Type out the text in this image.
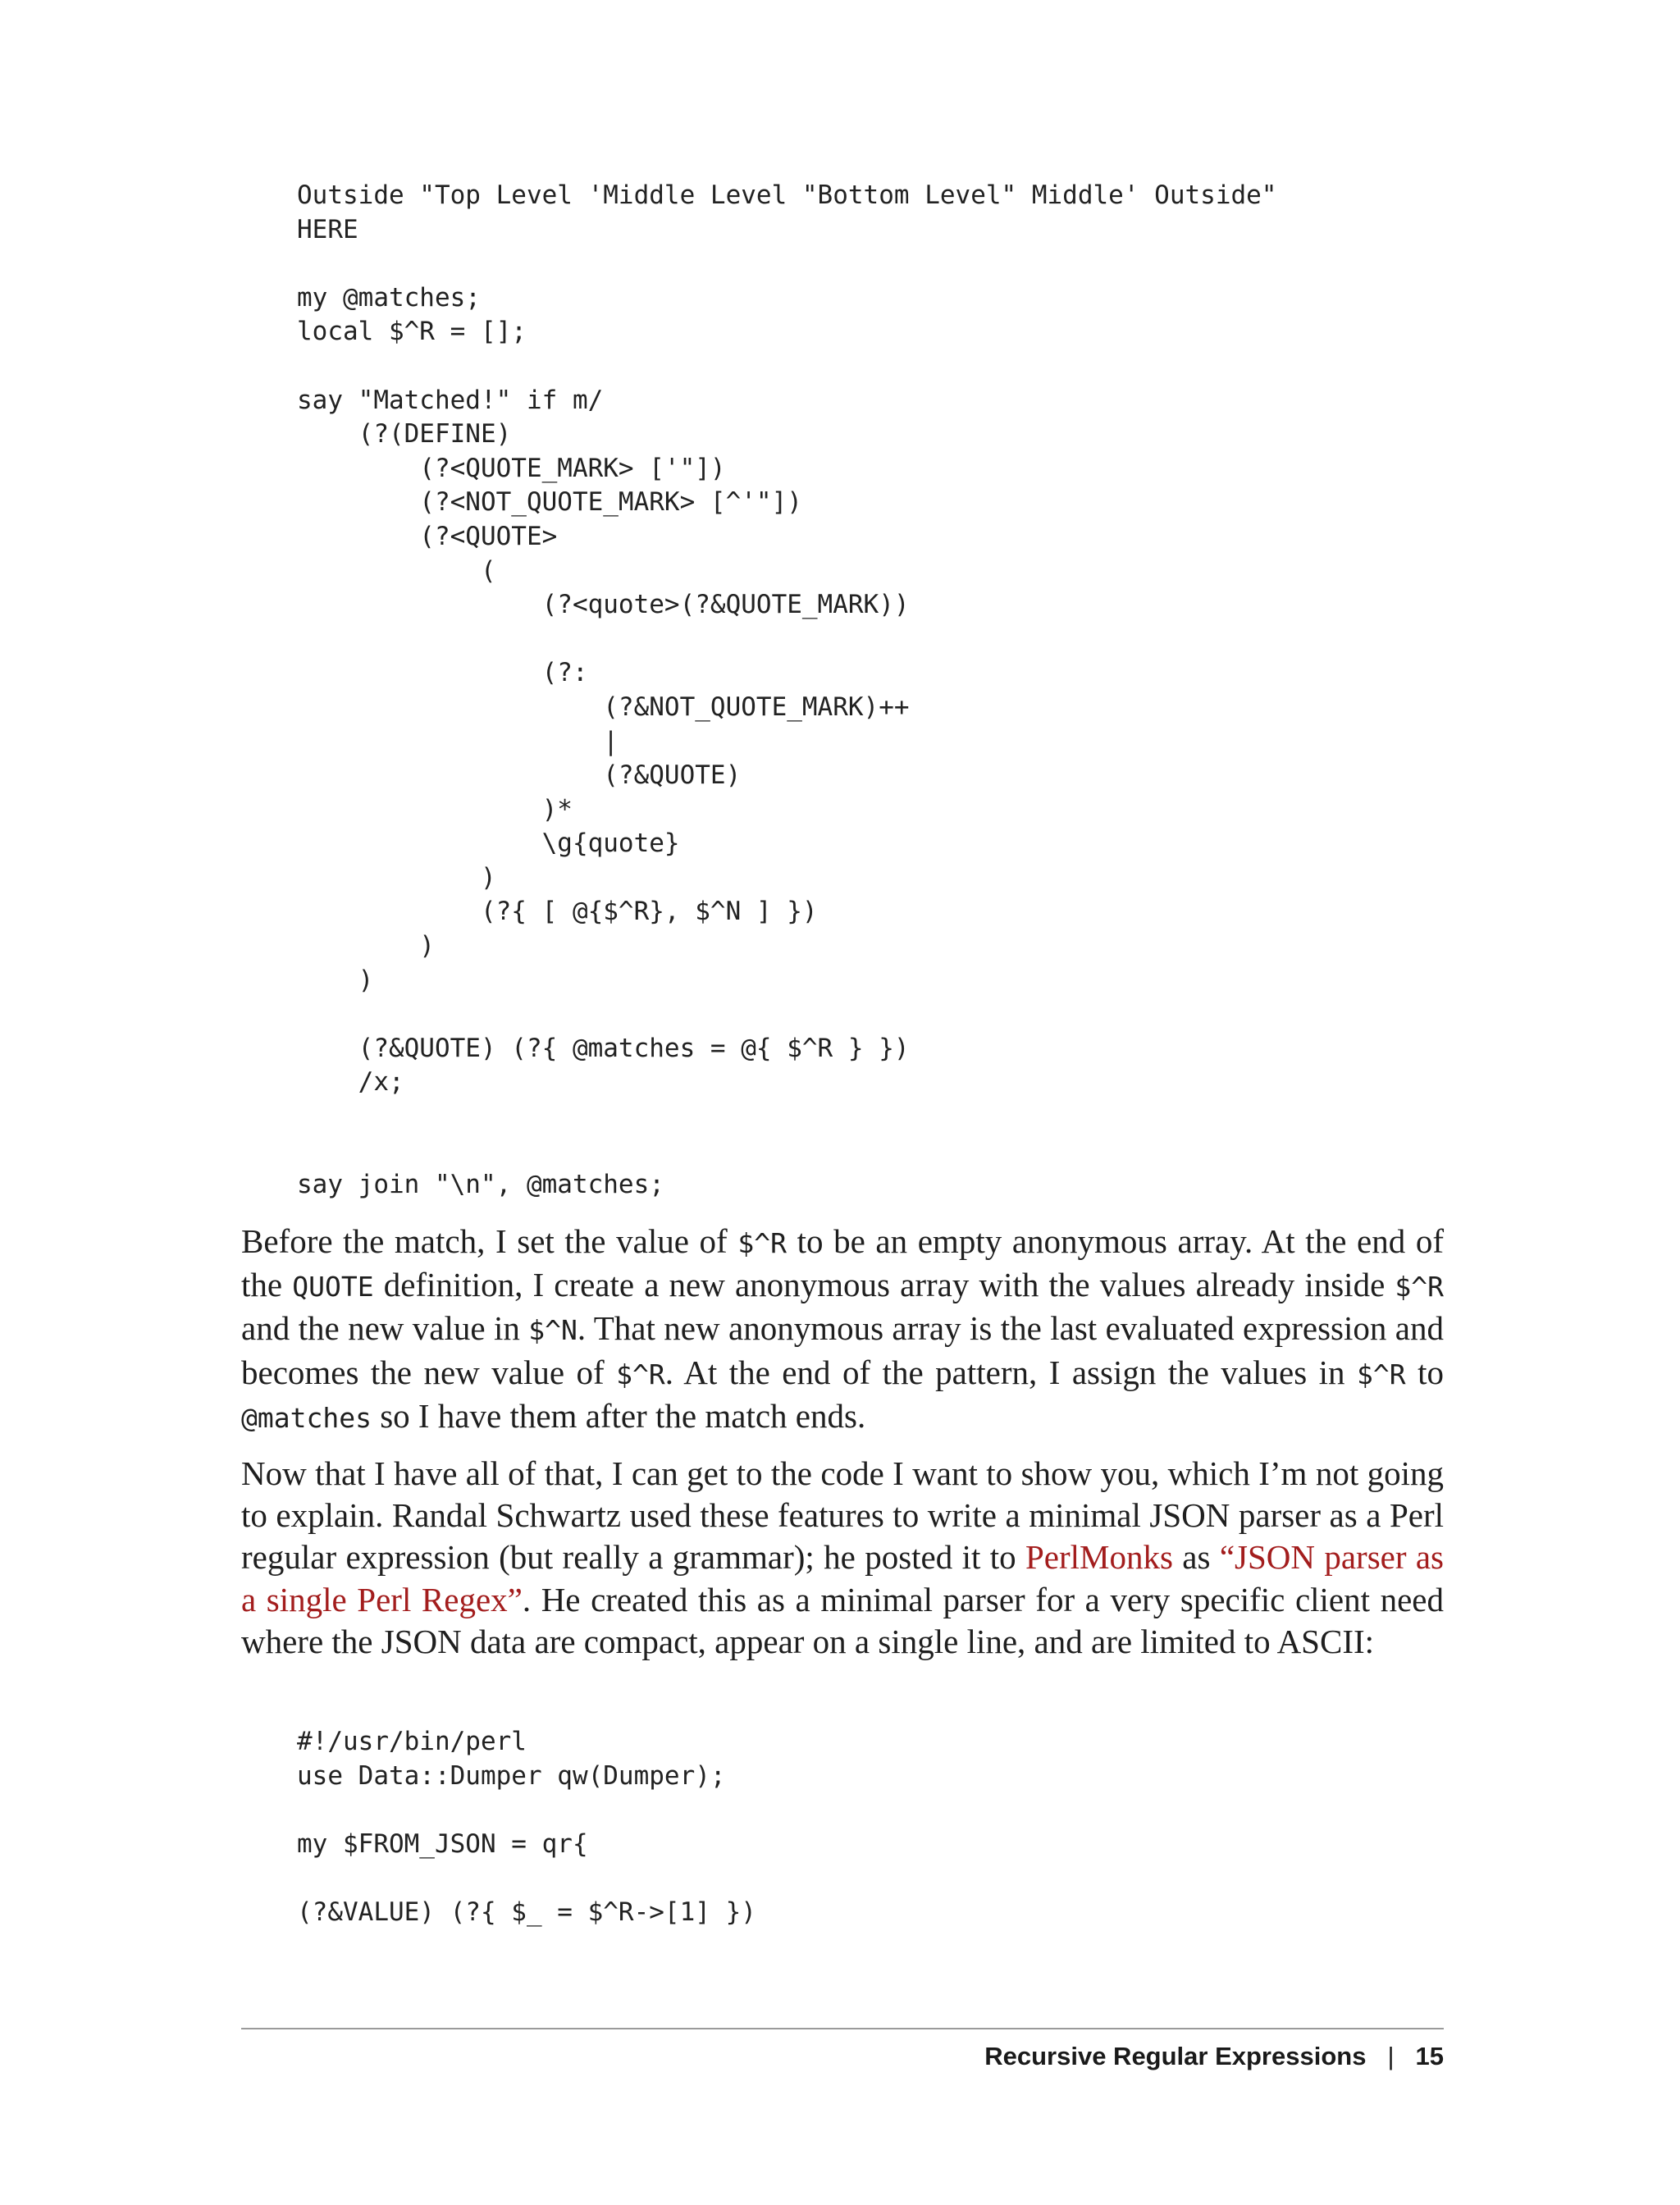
Outside "Top Level 'Middle Level "Bottom Level" Middle' Outside"
HERE

my @matches;
local $^R = [];

say "Matched!" if m/
(?(DEFINE)
(?<QUOTE_MARK> ['"])
(?<NOT_QUOTE_MARK> [^'"])
(?<QUOTE>
(
(?<quote>(?&QUOTE_MARK))

(?:
(?&NOT_QUOTE_MARK)++
|
(?&QUOTE)
)*
\g{quote}
)
(?{ [ @{$^R}, $^N ] })
)
)

(?&QUOTE) (?{ @matches = @{ $^R } })
/x;

say join "\n", @matches;

Before the match, I set the value of $^R to be an empty anonymous array. At the end of the QUOTE definition, I create a new anonymous array with the values already inside $^R and the new value in $^N. That new anonymous array is the last evaluated expression and becomes the new value of $^R. At the end of the pattern, I assign the values in $^R to @matches so I have them after the match ends.

Now that I have all of that, I can get to the code I want to show you, which I’m not going to explain. Randal Schwartz used these features to write a minimal JSON parser as a Perl regular expression (but really a grammar); he posted it to PerlMonks as “JSON parser as a single Perl Regex”. He created this as a minimal parser for a very specific client need where the JSON data are compact, appear on a single line, and are limited to ASCII:

#!/usr/bin/perl
use Data::Dumper qw(Dumper);

my $FROM_JSON = qr{

(?&VALUE) (?{ $_ = $^R->[1] })
Recursive Regular Expressions | 15
